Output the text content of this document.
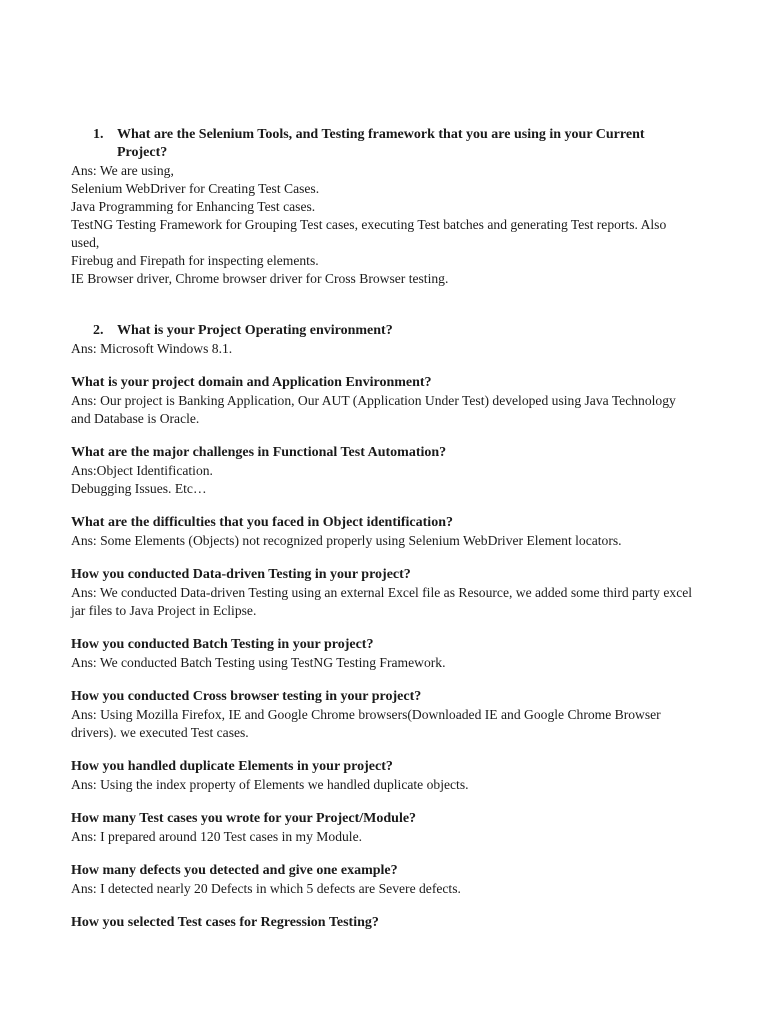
1. What are the Selenium Tools, and Testing framework that you are using in your Current Project?

Ans: We are using,

Selenium WebDriver for Creating Test Cases.

Java Programming for Enhancing Test cases.

TestNG Testing Framework for Grouping Test cases, executing Test batches and generating Test reports. Also used,

Firebug and Firepath for inspecting elements.

IE Browser driver, Chrome browser driver for Cross Browser testing.

2. What is your Project Operating environment?

Ans: Microsoft Windows 8.1.

What is your project domain and Application Environment?

Ans: Our project is Banking Application, Our AUT (Application Under Test) developed using Java Technology and Database is Oracle.

What are the major challenges in Functional Test Automation?

Ans:Object Identification.

Debugging Issues. Etc…

What are the difficulties that you faced in Object identification?

Ans: Some Elements (Objects) not recognized properly using Selenium WebDriver Element locators.

How you conducted Data-driven Testing in your project?

Ans: We conducted Data-driven Testing using an external Excel file as Resource, we added some third party excel jar files to Java Project in Eclipse.

How you conducted Batch Testing in your project?

Ans: We conducted Batch Testing using TestNG Testing Framework.

How you conducted Cross browser testing in your project?

Ans: Using Mozilla Firefox, IE and Google Chrome browsers(Downloaded IE and Google Chrome Browser drivers). we executed Test cases.

How you handled duplicate Elements in your project?

Ans: Using the index property of Elements we handled duplicate objects.

How many Test cases you wrote for your Project/Module?

Ans: I prepared around 120 Test cases in my Module.

How many defects you detected and give one example?

Ans: I detected nearly 20 Defects in which 5 defects are Severe defects.

How you selected Test cases for Regression Testing?
